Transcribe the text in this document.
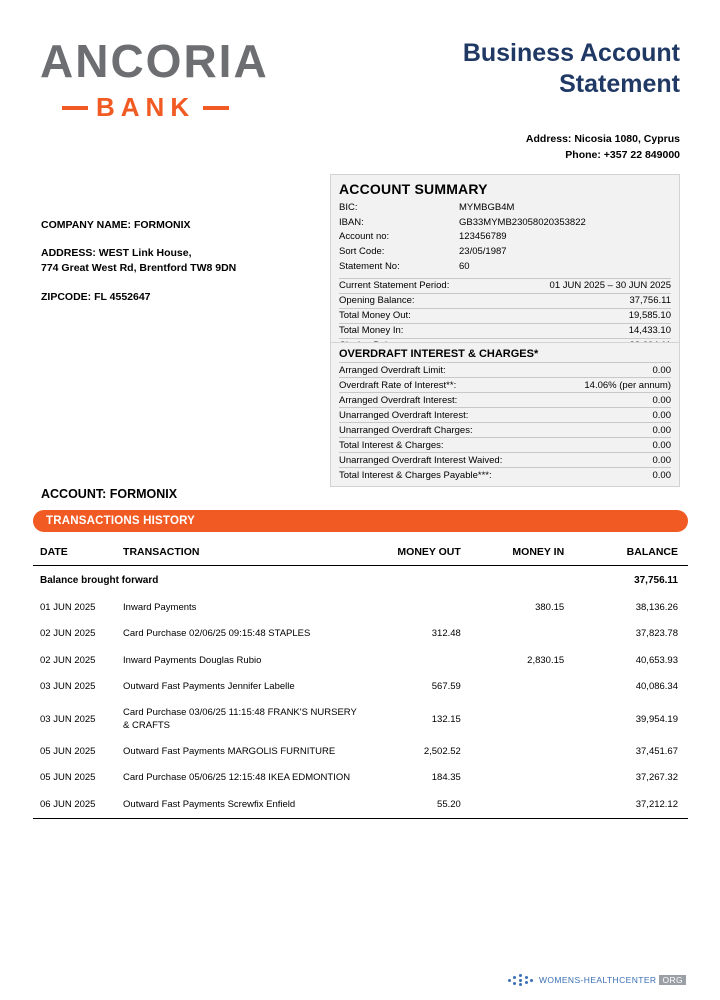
ANCORIA
BANK
Business Account
Statement
Address: Nicosia 1080, Cyprus
Phone: +357 22 849000
COMPANY NAME: FORMONIX
ADDRESS: WEST Link House,
774 Great West Rd, Brentford TW8 9DN
ZIPCODE: FL 4552647
ACCOUNT SUMMARY
BIC:	MYMBGB4M
IBAN:	GB33MYMB23058020353822
Account no:	123456789
Sort Code:	23/05/1987
Statement No:	60
Current Statement Period:	01 JUN 2025 – 30 JUN 2025
Opening Balance:	37,756.11
Total Money Out:	19,585.10
Total Money In:	14,433.10
OVERDRAFT INTEREST & CHARGES*
Arranged Overdraft Limit:	0.00
Overdraft Rate of Interest**:	14.06% (per annum)
Arranged Overdraft Interest:	0.00
Unarranged Overdraft Interest:	0.00
Unarranged Overdraft Charges:	0.00
Total Interest & Charges:	0.00
Unarranged Overdraft Interest Waived:	0.00
Total Interest & Charges Payable***:	0.00
ACCOUNT: FORMONIX
TRANSACTIONS HISTORY
DATE	TRANSACTION	MONEY OUT	MONEY IN	BALANCE
Balance brought forward				37,756.11
01 JUN 2025	Inward Payments		380.15	38,136.26
02 JUN 2025	Card Purchase 02/06/25 09:15:48 STAPLES	312.48		37,823.78
02 JUN 2025	Inward Payments Douglas Rubio		2,830.15	40,653.93
03 JUN 2025	Outward Fast Payments Jennifer Labelle	567.59		40,086.34
03 JUN 2025	Card Purchase 03/06/25 11:15:48 FRANK'S NURSERY & CRAFTS	132.15		39,954.19
05 JUN 2025	Outward Fast Payments MARGOLIS FURNITURE	2,502.52		37,451.67
05 JUN 2025	Card Purchase 05/06/25 12:15:48 IKEA EDMONTION	184.35		37,267.32
06 JUN 2025	Outward Fast Payments Screwfix Enfield	55.20		37,212.12
WOMENS-HEALTHCENTER ORG
